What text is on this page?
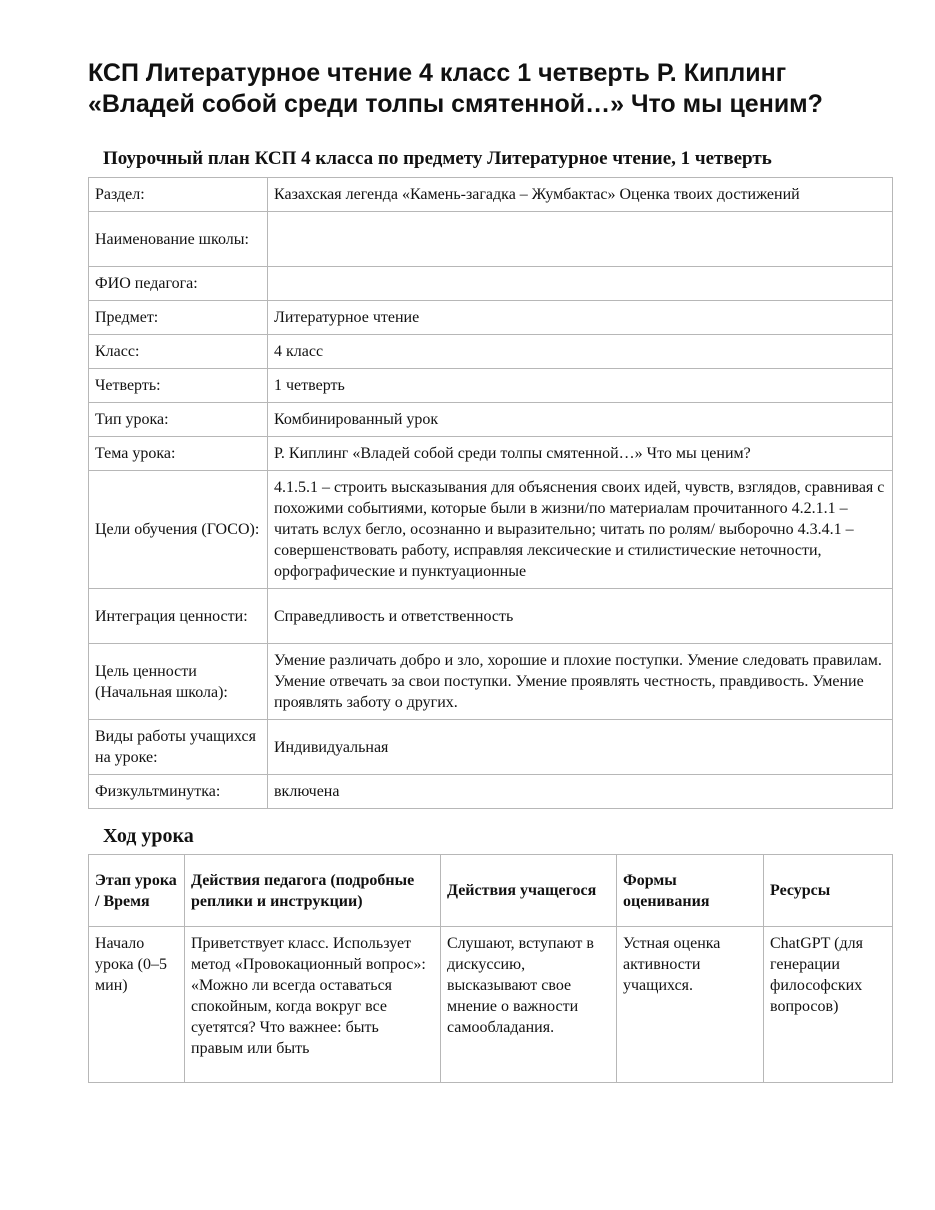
КСП Литературное чтение 4 класс 1 четверть Р. Киплинг «Владей собой среди толпы смятенной…» Что мы ценим?
Поурочный план КСП 4 класса по предмету Литературное чтение, 1 четверть
Раздел:	Казахская легенда «Камень-загадка – Жумбактас» Оценка твоих достижений
Наименование школы:	
ФИО педагога:	
Предмет:	Литературное чтение
Класс:	4 класс
Четверть:	1 четверть
Тип урока:	Комбинированный урок
Тема урока:	Р. Киплинг «Владей собой среди толпы смятенной…» Что мы ценим?
Цели обучения (ГОСО):	4.1.5.1 – строить высказывания для объяснения своих идей, чувств, взглядов, сравнивая с похожими событиями, которые были в жизни/по материалам прочитанного 4.2.1.1 – читать вслух бегло, осознанно и выразительно; читать по ролям/ выборочно 4.3.4.1 – совершенствовать работу, исправляя лексические и стилистические неточности, орфографические и пунктуационные
Интеграция ценности:	Справедливость и ответственность
Цель ценности (Начальная школа):	Умение различать добро и зло, хорошие и плохие поступки. Умение следовать правилам. Умение отвечать за свои поступки. Умение проявлять честность, правдивость. Умение проявлять заботу о других.
Виды работы учащихся на уроке:	Индивидуальная
Физкультминутка:	включена
Ход урока
Этап урока / Время	Действия педагога (подробные реплики и инструкции)	Действия учащегося	Формы оценивания	Ресурсы
Начало урока (0–5 мин)	Приветствует класс. Использует метод «Провокационный вопрос»: «Можно ли всегда оставаться спокойным, когда вокруг все суетятся? Что важнее: быть правым или быть	Слушают, вступают в дискуссию, высказывают свое мнение о важности самообладания.	Устная оценка активности учащихся.	ChatGPT (для генерации философских вопросов)
